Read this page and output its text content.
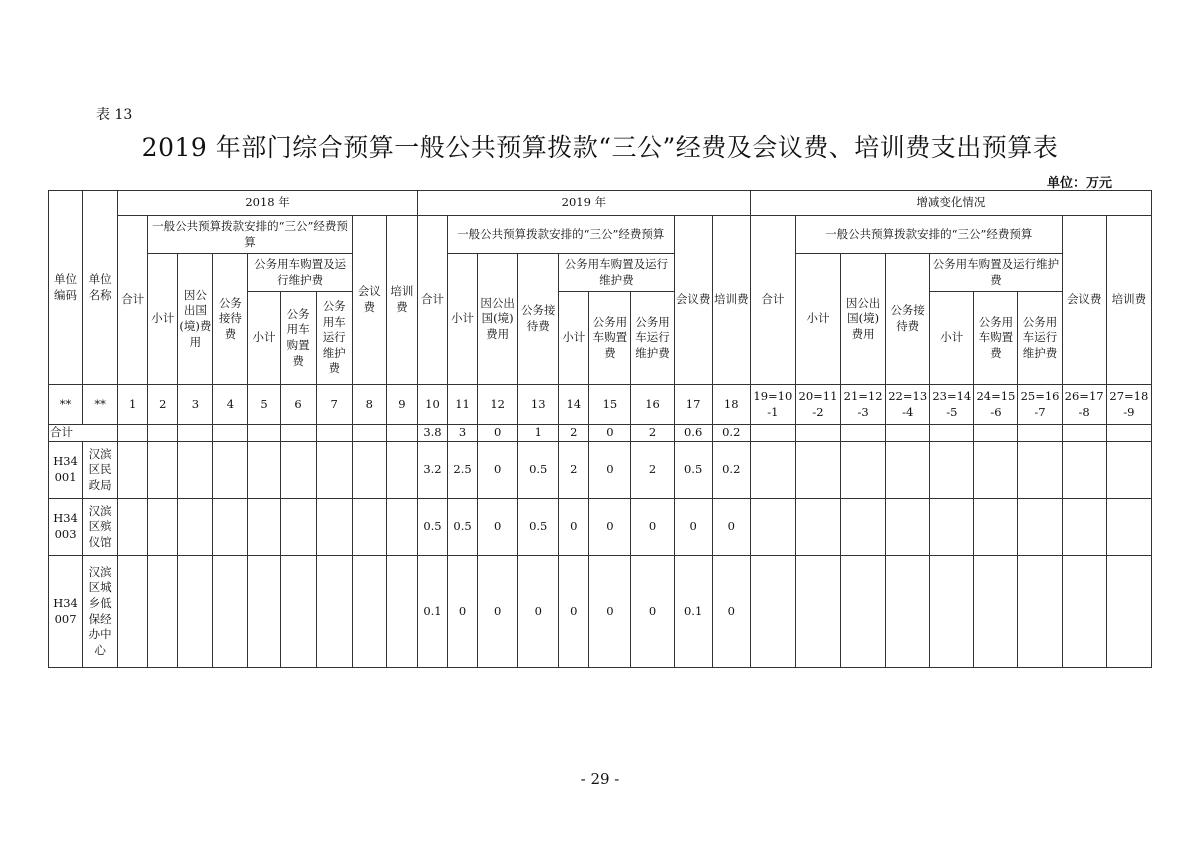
表 13
2019 年部门综合预算一般公共预算拨款“三公”经费及会议费、培训费支出预算表
单位：万元
单位编码	单位名称	2018 年									2019 年									增减变化情况								
		合计	一般公共预算拨款安排的“三公”经费预算						会议费	培训费	合计	一般公共预算拨款安排的“三公”经费预算						会议费	培训费	合计	一般公共预算拨款安排的“三公”经费预算						会议费	培训费
			小计	因公出国(境)费用	公务接待费	公务用车购置及运行维护费						小计	因公出国(境)费用	公务接待费	公务用车购置及运行维护费						小计	因公出国(境)费用	公务接待费	公务用车购置及运行维护费				
						小计	公务用车购置费	公务用车运行维护费							小计	公务用车购置费	公务用车运行维护费							小计	公务用车购置费	公务用车运行维护费		
**	**	1	2	3	4	5	6	7	8	9	10	11	12	13	14	15	16	17	18	19=10-1	20=11-2	21=12-3	22=13-4	23=14-5	24=15-6	25=16-7	26=17-8	27=18-9
合计											3.8	3	0	1	2	0	2	0.6	0.2									
H34001	汉滨区民政局										3.2	2.5	0	0.5	2	0	2	0.5	0.2									
H34003	汉滨区殡仪馆										0.5	0.5	0	0.5	0	0	0	0	0									
H34007	汉滨区城乡低保经办中心										0.1	0	0	0	0	0	0	0.1	0									
- 29 -
